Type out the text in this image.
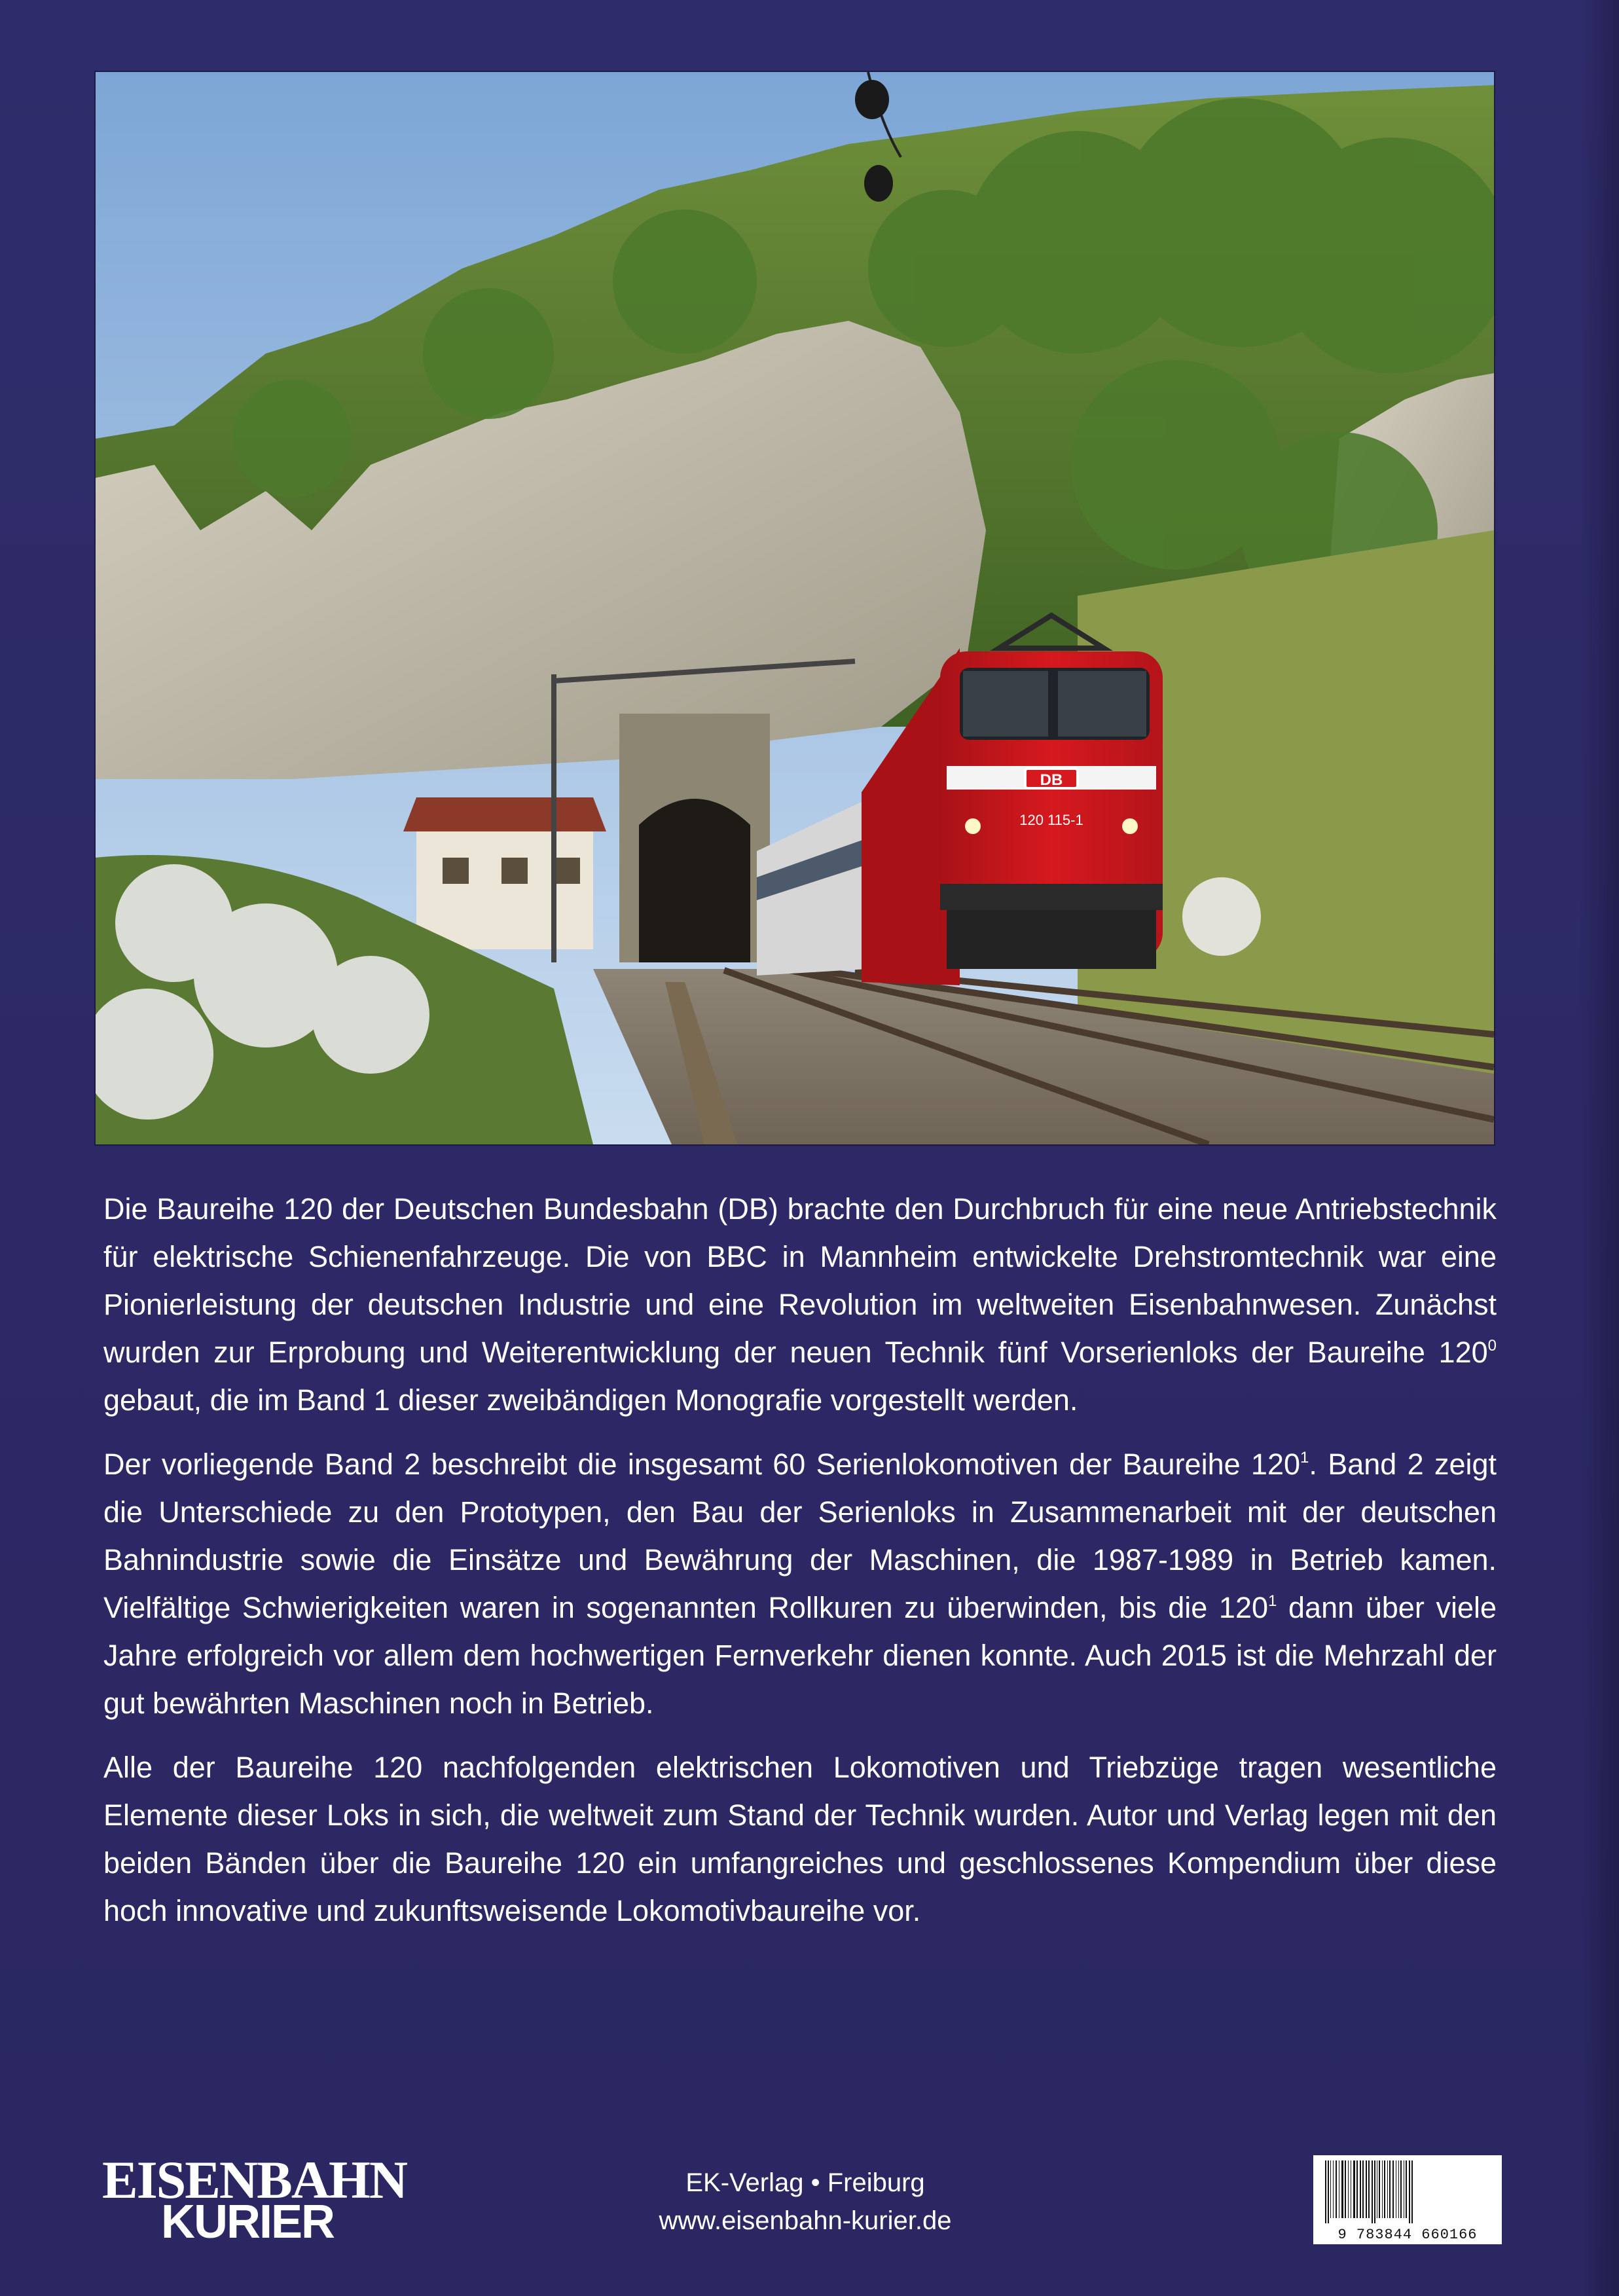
DB
120 115-1

Die Baureihe 120 der Deutschen Bundesbahn (DB) brachte den Durchbruch für eine neue Antriebstechnik für elektrische Schienenfahrzeuge. Die von BBC in Mannheim entwickelte Drehstromtechnik war eine Pionierleistung der deutschen Industrie und eine Revolution im weltweiten Eisenbahnwesen. Zunächst wurden zur Erprobung und Weiterentwicklung der neuen Technik fünf Vorserienloks der Baureihe $120^0$ gebaut, die im Band 1 dieser zweibändigen Monografie vorgestellt werden.

Der vorliegende Band 2 beschreibt die insgesamt 60 Serienlokomotiven der Baureihe $120^1$. Band 2 zeigt die Unterschiede zu den Prototypen, den Bau der Serienloks in Zusammenarbeit mit der deutschen Bahnindustrie sowie die Einsätze und Bewährung der Maschinen, die 1987-1989 in Betrieb kamen. Vielfältige Schwierigkeiten waren in sogenannten Rollkuren zu überwinden, bis die $120^1$ dann über viele Jahre erfolgreich vor allem dem hochwertigen Fernverkehr dienen konnte. Auch 2015 ist die Mehrzahl der gut bewährten Maschinen noch in Betrieb.

Alle der Baureihe 120 nachfolgenden elektrischen Lokomotiven und Triebzüge tragen wesentliche Elemente dieser Loks in sich, die weltweit zum Stand der Technik wurden. Autor und Verlag legen mit den beiden Bänden über die Baureihe 120 ein umfangreiches und geschlossenes Kompendium über diese hoch innovative und zukunftsweisende Lokomotivbaureihe vor.

EISENBAHN
KURIER
EK-Verlag • Freiburg
www.eisenbahn-kurier.de	9 783844 660166
